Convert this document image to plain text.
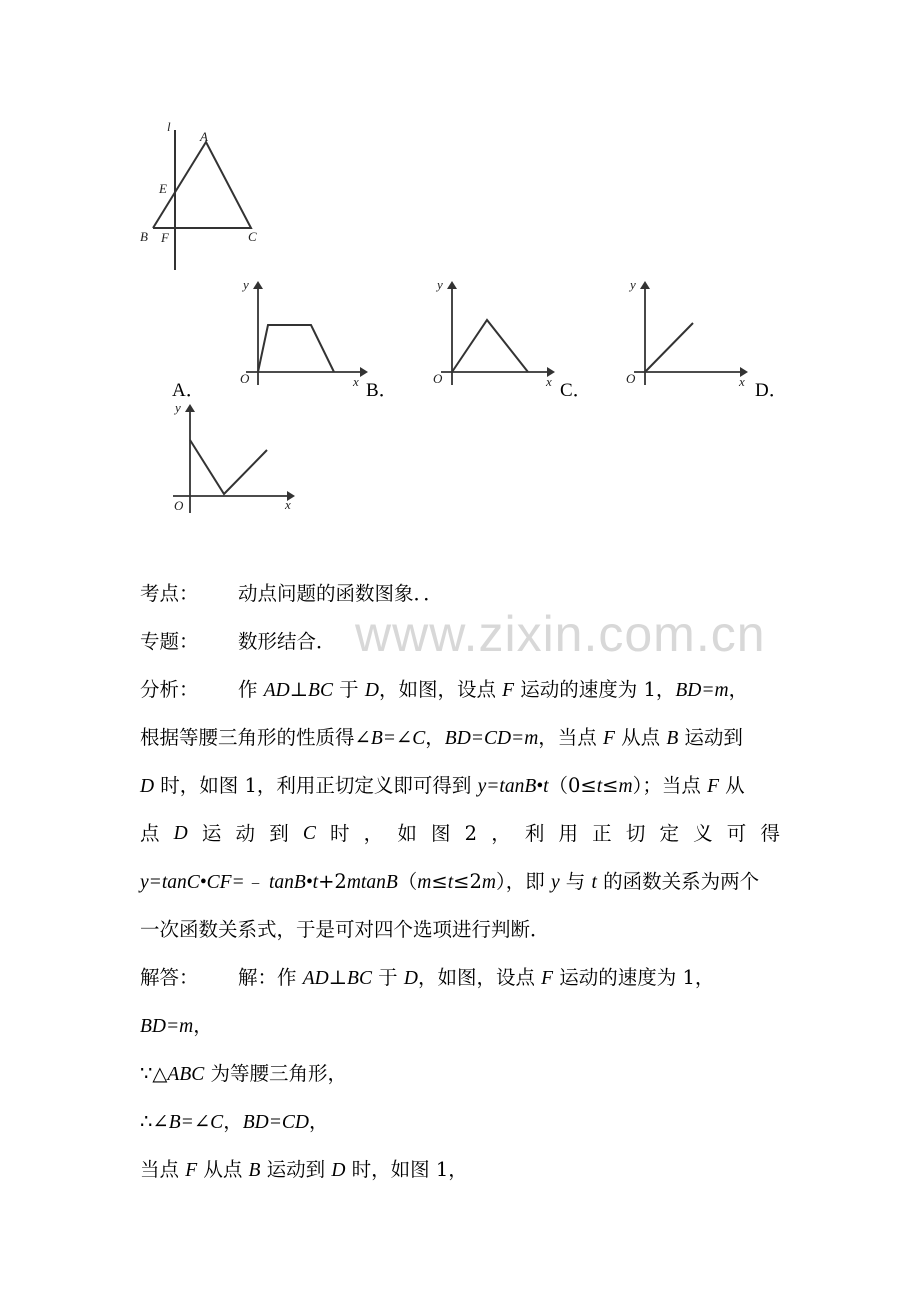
l
A
E
B F	C
O	x
y
A．
O	x
y
B．
O	x
y
C．	D．
O	x
y
www.zixin.com.cn
考点： 动点问题的函数图象．．
专题： 数形结合．
分析： 作 AD⊥BC 于 D，如图，设点 F 运动的速度为 1，BD=m，
根据等腰三角形的性质得∠B=∠C，BD=CD=m，当点 F 从点 B 运动到
D 时，如图 1，利用正切定义即可得到 y=tanB•t（0≤t≤m）；当点 F 从
点 D 运 动 到 C 时 ， 如 图 2 ， 利 用 正 切 定 义 可 得
y=tanC•CF=﹣ tanB•t+2mtanB（m≤t≤2m），即 y 与 t 的函数关系为两个
一次函数关系式，于是可对四个选项进行判断．
解答： 解：作 AD⊥BC 于 D，如图，设点 F 运动的速度为 1，
BD=m，
∵△ABC 为等腰三角形，
∴∠B=∠C，BD=CD，
当点 F 从点 B 运动到 D 时，如图 1，
